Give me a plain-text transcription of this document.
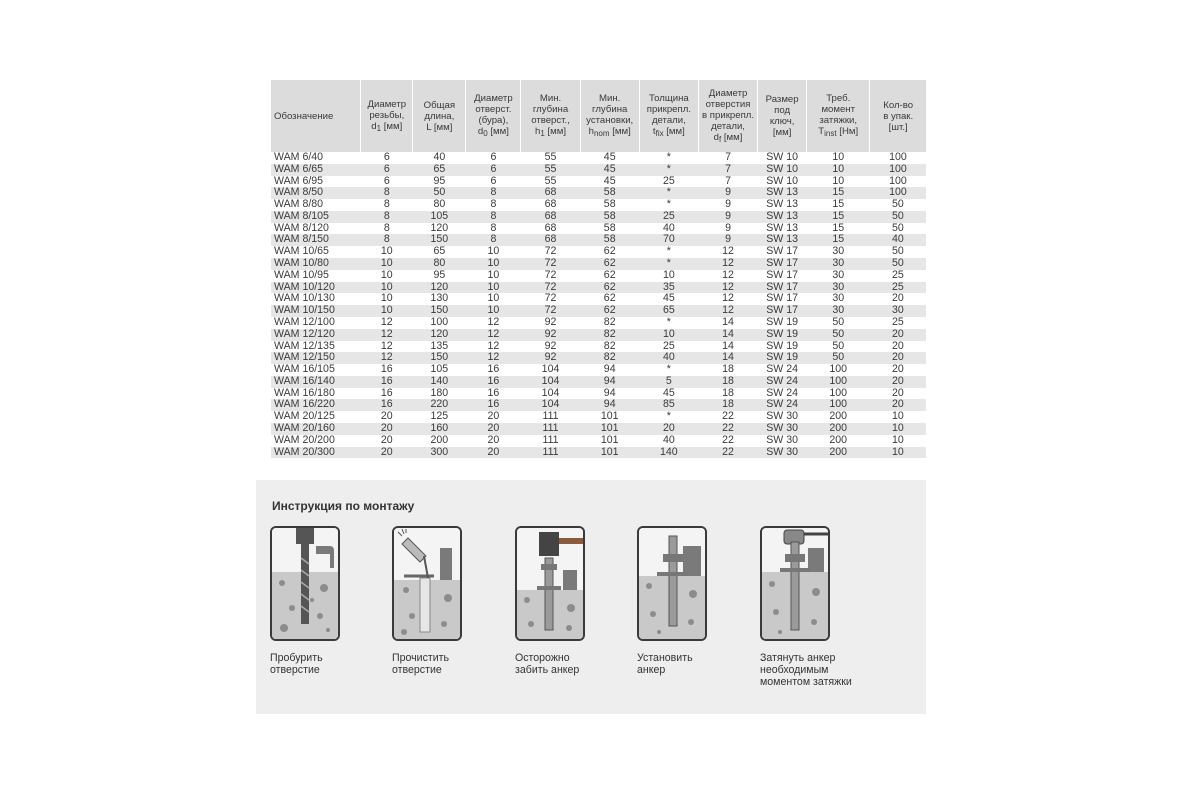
Обозначение	Диаметр
резьбы,
$d_1$ [мм]	Общая
длина,
L [мм]	Диаметр
отверст.
(бура),
$d_0$ [мм]	Мин.
глубина
отверст.,
$h_1$ [мм]	Мин.
глубина
установки,
$h_{nom}$ [мм]	Толщина
прикрепл.
детали,
$t_{fix}$ [мм]	Диаметр
отверстия
в прикрепл.
детали,
$d_f$ [мм]	Размер
под
ключ,
[мм]	Треб.
момент
затяжки,
$T_{inst}$ [Нм]	Кол-во
в упак.
[шт.]

WAM 6/40	6	40	6	55	45	*	7	SW 10	10	100
WAM 6/65	6	65	6	55	45	*	7	SW 10	10	100
WAM 6/95	6	95	6	55	45	25	7	SW 10	10	100
WAM 8/50	8	50	8	68	58	*	9	SW 13	15	100
WAM 8/80	8	80	8	68	58	*	9	SW 13	15	50
WAM 8/105	8	105	8	68	58	25	9	SW 13	15	50
WAM 8/120	8	120	8	68	58	40	9	SW 13	15	50
WAM 8/150	8	150	8	68	58	70	9	SW 13	15	40
WAM 10/65	10	65	10	72	62	*	12	SW 17	30	50
WAM 10/80	10	80	10	72	62	*	12	SW 17	30	50
WAM 10/95	10	95	10	72	62	10	12	SW 17	30	25
WAM 10/120	10	120	10	72	62	35	12	SW 17	30	25
WAM 10/130	10	130	10	72	62	45	12	SW 17	30	20
WAM 10/150	10	150	10	72	62	65	12	SW 17	30	30
WAM 12/100	12	100	12	92	82	*	14	SW 19	50	25
WAM 12/120	12	120	12	92	82	10	14	SW 19	50	20
WAM 12/135	12	135	12	92	82	25	14	SW 19	50	20
WAM 12/150	12	150	12	92	82	40	14	SW 19	50	20
WAM 16/105	16	105	16	104	94	*	18	SW 24	100	20
WAM 16/140	16	140	16	104	94	5	18	SW 24	100	20
WAM 16/180	16	180	16	104	94	45	18	SW 24	100	20
WAM 16/220	16	220	16	104	94	85	18	SW 24	100	20
WAM 20/125	20	125	20	111	101	*	22	SW 30	200	10
WAM 20/160	20	160	20	111	101	20	22	SW 30	200	10
WAM 20/200	20	200	20	111	101	40	22	SW 30	200	10
WAM 20/300	20	300	20	111	101	140	22	SW 30	200	10
Инструкция по монтажу
Пробурить
отверстие
Прочистить
отверстие
Осторожно
забить анкер
Установить
анкер
Затянуть анкер
необходимым
моментом затяжки
